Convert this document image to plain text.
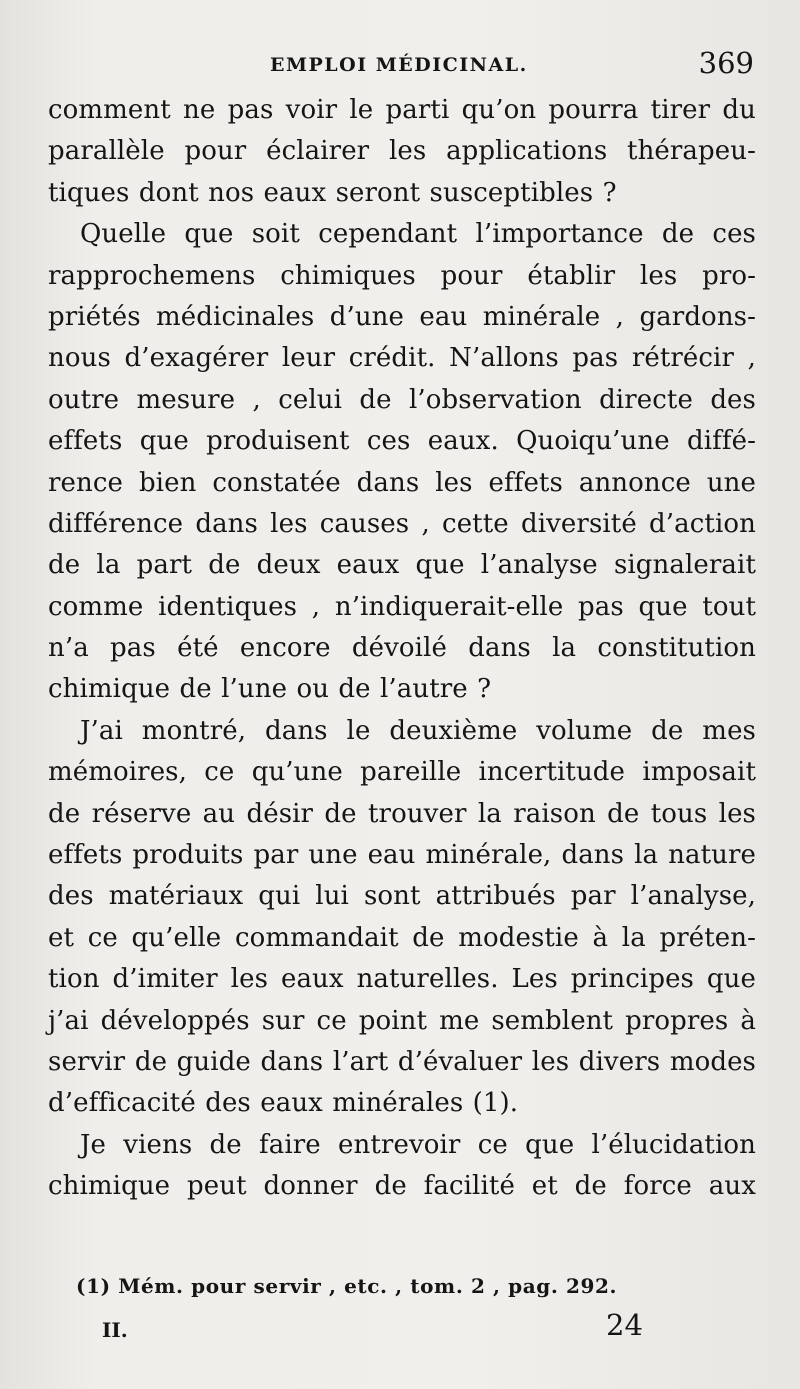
EMPLOI MÉDICINAL.	369
comment ne pas voir le parti qu’on pourra tirer du
parallèle pour éclairer les applications thérapeu-
tiques dont nos eaux seront susceptibles ?
Quelle que soit cependant l’importance de ces
rapprochemens chimiques pour établir les pro-
priétés médicinales d’une eau minérale , gardons-
nous d’exagérer leur crédit. N’allons pas rétrécir ,
outre mesure , celui de l’observation directe des
effets que produisent ces eaux. Quoiqu’une diffé-
rence bien constatée dans les effets annonce une
différence dans les causes , cette diversité d’action
de la part de deux eaux que l’analyse signalerait
comme identiques , n’indiquerait-elle pas que tout
n’a pas été encore dévoilé dans la constitution
chimique de l’une ou de l’autre ?
J’ai montré, dans le deuxième volume de mes
mémoires, ce qu’une pareille incertitude imposait
de réserve au désir de trouver la raison de tous les
effets produits par une eau minérale, dans la nature
des matériaux qui lui sont attribués par l’analyse,
et ce qu’elle commandait de modestie à la préten-
tion d’imiter les eaux naturelles. Les principes que
j’ai développés sur ce point me semblent propres à
servir de guide dans l’art d’évaluer les divers modes
d’efficacité des eaux minérales (1).
Je viens de faire entrevoir ce que l’élucidation
chimique peut donner de facilité et de force aux
(1) Mém. pour servir , etc. , tom. 2 , pag. 292.
II.	24
